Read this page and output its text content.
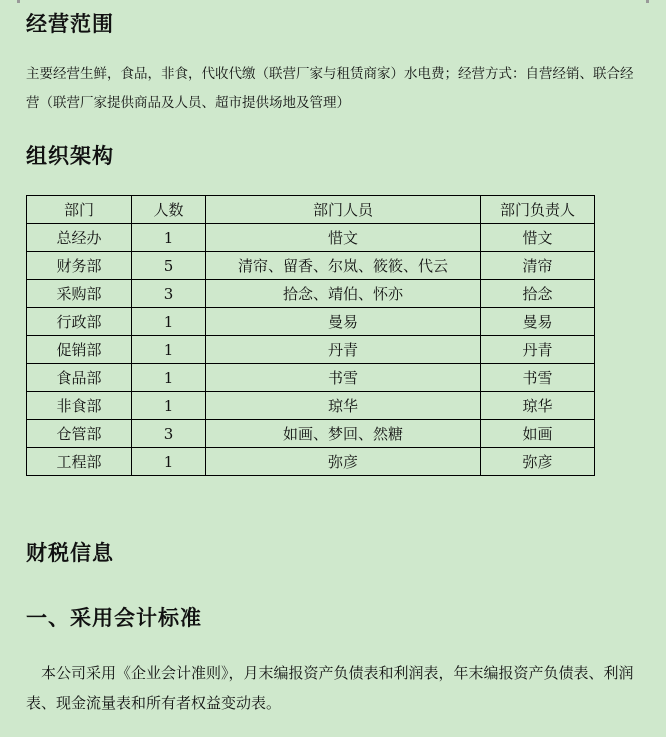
经营范围

主要经营生鲜，食品，非食，代收代缴（联营厂家与租赁商家）水电费；经营方式：自营经销、联合经营（联营厂家提供商品及人员、超市提供场地及管理）

组织架构
部门	人数	部门人员	部门负责人
总经办	1	惜文	惜文
财务部	5	清帘、留香、尔岚、筱筱、代云	清帘
采购部	3	拾念、靖伯、怀亦	拾念
行政部	1	曼易	曼易
促销部	1	丹青	丹青
食品部	1	书雪	书雪
非食部	1	琼华	琼华
仓管部	3	如画、梦回、然糖	如画
工程部	1	弥彦	弥彦
财税信息
一、采用会计标准

本公司采用《企业会计准则》，月末编报资产负债表和利润表，年末编报资产负债表、利润表、现金流量表和所有者权益变动表。
